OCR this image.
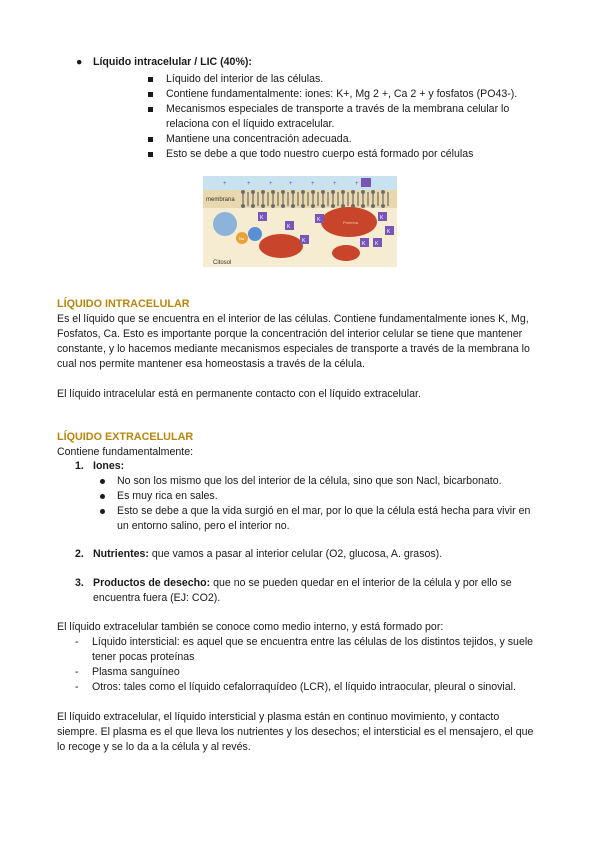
● Líquido intracelular / LIC (40%):
Líquido del interior de las células.
Contiene fundamentalmente: iones: K+, Mg 2 +, Ca 2 + y fosfatos (PO43-).
Mecanismos especiales de transporte a través de la membrana celular lo relaciona con el líquido extracelular.
Mantiene una concentración adecuada.
Esto se debe a que todo nuestro cuerpo está formado por células
+	+	+	+	+	+	+
membrana
Na
Proteína
K
K
K
K	K
K
K
K
Citosol
LÍQUIDO INTRACELULAR
Es el líquido que se encuentra en el interior de las células. Contiene fundamentalmente iones K, Mg, Fosfatos, Ca. Esto es importante porque la concentración del interior celular se tiene que mantener constante, y lo hacemos mediante mecanismos especiales de transporte a través de la membrana lo cual nos permite mantener esa homeostasis a través de la célula.
El líquido intracelular está en permanente contacto con el líquido extracelular.
LÍQUIDO EXTRACELULAR
Contiene fundamentalmente:
1. Iones:
No son los mismo que los del interior de la célula, sino que son Nacl, bicarbonato.
Es muy rica en sales.
Esto se debe a que la vida surgió en el mar, por lo que la célula está hecha para vivir en un entorno salino, pero el interior no.
2. Nutrientes: que vamos a pasar al interior celular (O2, glucosa, A. grasos).
3. Productos de desecho: que no se pueden quedar en el interior de la célula y por ello se encuentra fuera (EJ: CO2).
El líquido extracelular también se conoce como medio interno, y está formado por:
- Líquido intersticial: es aquel que se encuentra entre las células de los distintos tejidos, y suele tener pocas proteínas
- Plasma sanguíneo
- Otros: tales como el líquido cefalorraquídeo (LCR), el líquido intraocular, pleural o sinovial.
El líquido extracelular, el líquido intersticial y plasma están en continuo movimiento, y contacto siempre. El plasma es el que lleva los nutrientes y los desechos; el intersticial es el mensajero, el que lo recoge y se lo da a la célula y al revés.
